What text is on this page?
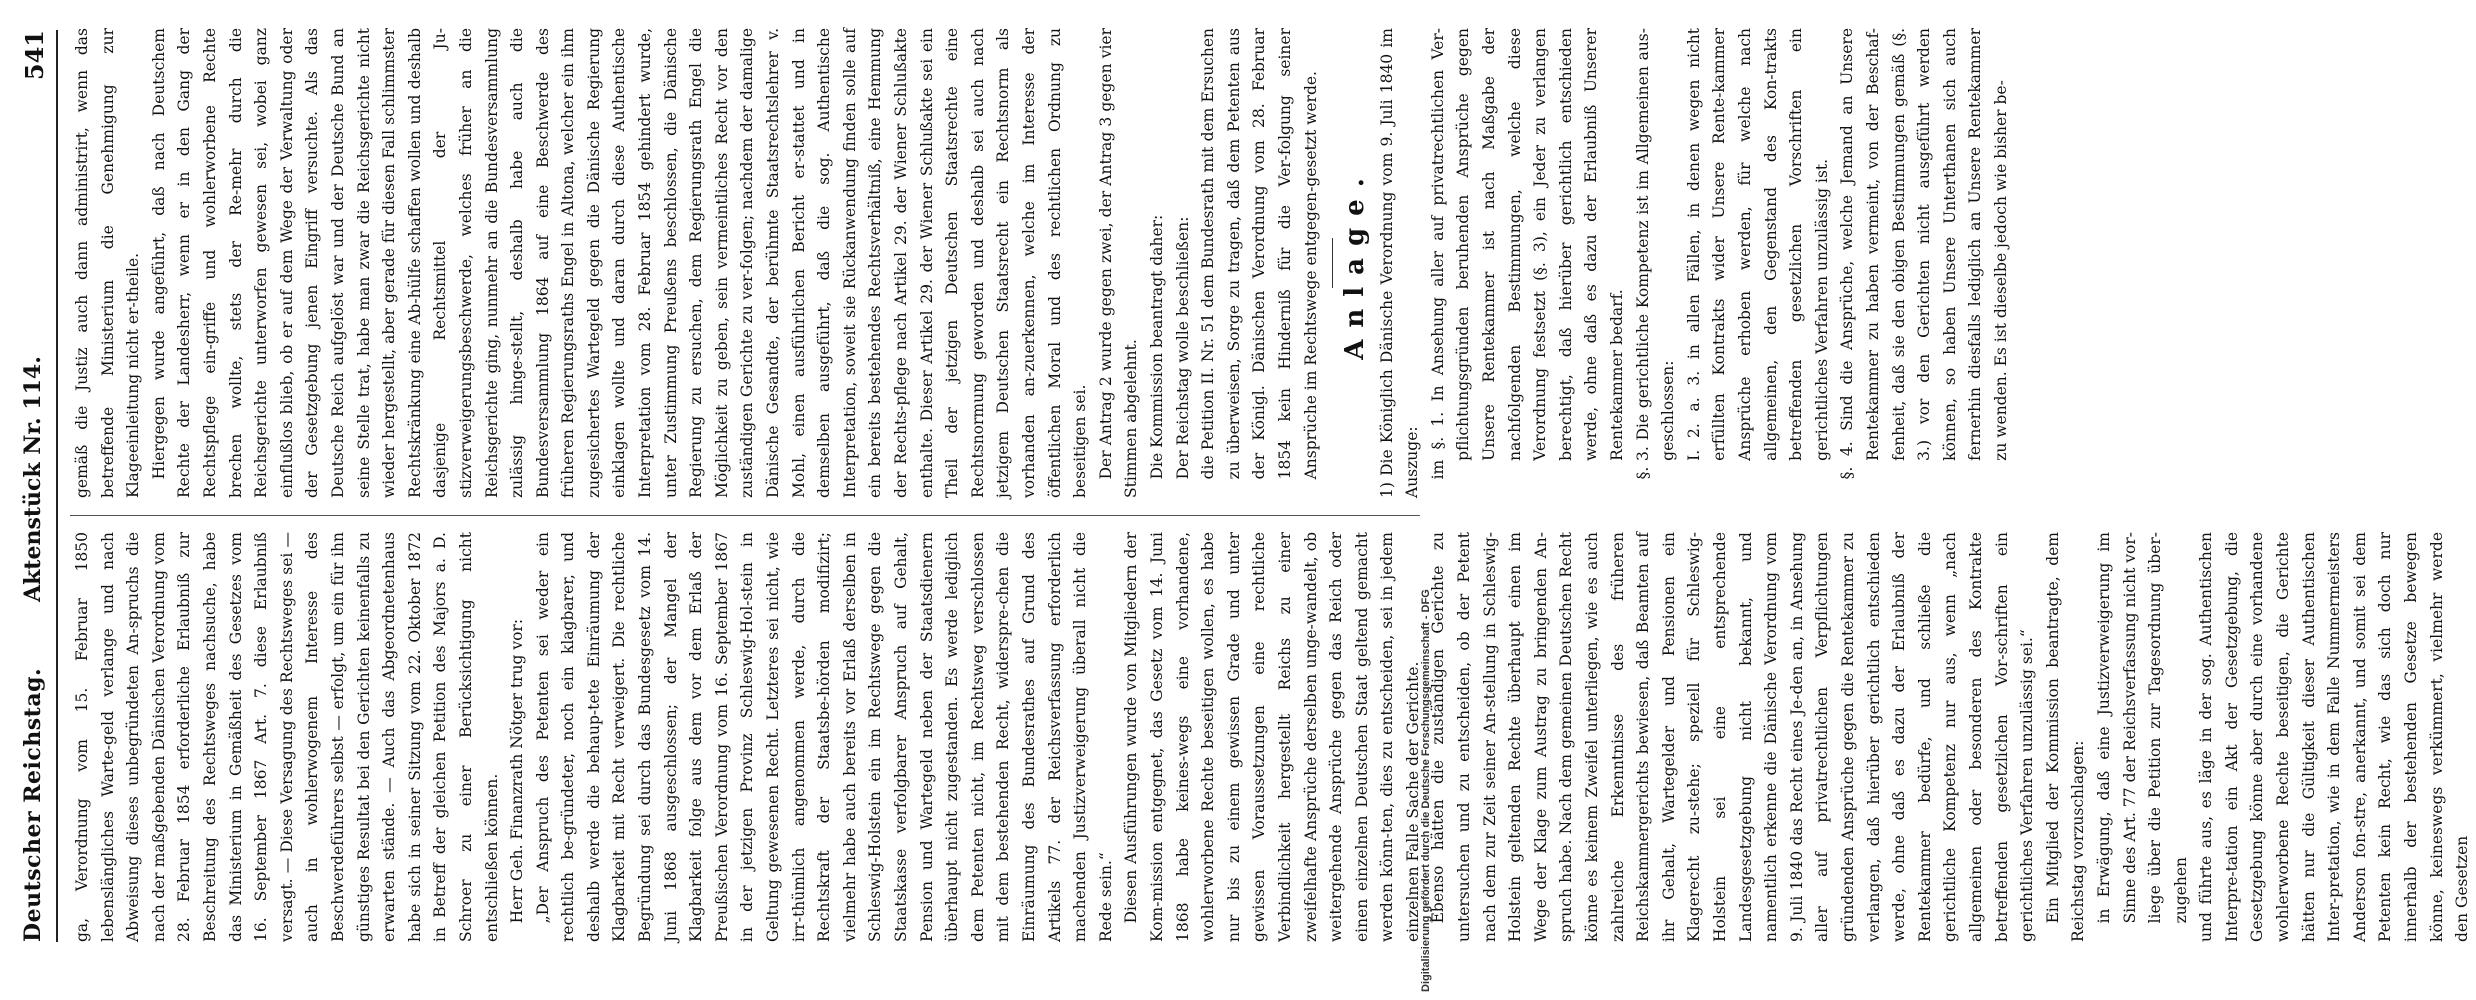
Deutscher Reichstag.
Aktenstück Nr. 114.
541

ga, Verordnung vom 15. Februar 1850 lebenslängliches Warte-geld verlange und nach Abweisung dieses unbegründeten An-spruchs die nach der maßgebenden Dänischen Verordnung vom 28. Februar 1854 erforderliche Erlaubniß zur Beschreitung des Rechtsweges nachsuche, habe das Ministerium in Gemäßheit des Gesetzes vom 16. September 1867 Art. 7. diese Erlaubniß versagt. — Diese Versagung des Rechtsweges sei — auch in wohlerwogenem Interesse des Beschwerdeführers selbst — erfolgt, um ein für ihn günstiges Resultat bei den Gerichten keinenfalls zu erwarten stände. — Auch das Abgeordnetenhaus habe sich in seiner Sitzung vom 22. Oktober 1872 in Betreff der gleichen Petition des Majors a. D. Schroer zu einer Berücksichtigung nicht entschließen können. Herr Geh. Finanzrath Nötger trug vor: „Der Anspruch des Petenten sei weder ein rechtlich be-gründeter, noch ein klagbarer, und deshalb werde die behaup-tete Einräumung der Klagbarkeit mit Recht verweigert. Die rechtliche Begründung sei durch das Bundesgesetz vom 14. Juni 1868 ausgeschlossen; der Mangel der Klagbarkeit folge aus dem vor dem Erlaß der Preußischen Verordnung vom 16. September 1867 in der jetzigen Provinz Schleswig-Hol-stein in Geltung gewesenen Recht. Letzteres sei nicht, wie irr-thümlich angenommen werde, durch die Rechtskraft der Staatsbe-hörden modifizirt; vielmehr habe auch bereits vor Erlaß derselben in Schleswig-Holstein ein im Rechtswege gegen die Staatskasse verfolgbarer Anspruch auf Gehalt, Pension und Wartegeld neben der Staatsdienern überhaupt nicht zugestanden. Es werde lediglich dem Petenten nicht, im Rechtsweg verschlossen mit dem bestehenden Recht, widerspre-chen die Einräumung des Bundesrathes auf Grund des Artikels 77. der Reichsverfassung erforderlich machenden Justizverweigerung überall nicht die Rede sein.“ Diesen Ausführungen wurde von Mitgliedern der Kom-mission entgegnet, das Gesetz vom 14. Juni 1868 habe keines-wegs eine vorhandene, wohlerworbene Rechte beseitigen wollen, es habe nur bis zu einem gewissen Grade und unter gewissen Voraussetzungen eine rechtliche Verbindlichkeit hergestellt Reichs zu einer zweifelhafte Ansprüche derselben unge-wandelt, ob weitergehende Ansprüche gegen das Reich oder einen einzelnen Deutschen Staat geltend gemacht werden könn-ten, dies zu entscheiden, sei in jedem einzelnen Falle Sache der Gerichte. Ebenso hätten die zuständigen Gerichte zu untersuchen und zu entscheiden, ob der Petent nach dem zur Zeit seiner An-stellung in Schleswig-Holstein geltenden Rechte überhaupt einen im Wege der Klage zum Austrag zu bringenden An-spruch habe. Nach dem gemeinen Deutschen Recht könne es keinem Zweifel unterliegen, wie es auch zahlreiche Erkenntnisse des früheren Reichskammergerichts bewiesen, daß Beamten auf ihr Gehalt, Wartegelder und Pensionen ein Klagerecht zu-stehe; speziell für Schleswig-Holstein sei eine entsprechende Landesgesetzgebung nicht bekannt, und namentlich erkenne die Dänische Verordnung vom 9. Juli 1840 das Recht eines Je-den an, in Ansehung aller auf privatrechtlichen Verpflichtungen gründenden Ansprüche gegen die Rentekammer zu verlangen, daß hierüber gerichtlich entschieden werde, ohne daß es dazu der Erlaubniß der Rentekammer bedürfe, und schließe die gerichtliche Kompetenz nur aus, wenn „nach allgemeinen oder besonderen des Kontrakte betreffenden gesetzlichen Vor-schriften ein gerichtliches Verfahren unzulässig sei.“ Ein Mitglied der Kommission beantragte, dem Reichstag vorzuschlagen: in Erwägung, daß eine Justizverweigerung im Sinne des Art. 77 der Reichsverfassung nicht vor-liege über die Petition zur Tagesordnung über-zugehen und führte aus, es läge in der sog. Authentischen Interpre-tation ein Akt der Gesetzgebung, die Gesetzgebung könne aber durch eine vorhandene wohlerworbene Rechte beseitigen, die Gerichte hätten nur die Gültigkeit dieser Authentischen Inter-pretation, wie in dem Falle Nummermeisters Anderson fon-stre, anerkannt, und somit sei dem Petenten kein Recht, wie das sich doch nur innerhalb der bestehenden Gesetze bewegen könne, keineswegs verkümmert, vielmehr werde den Gesetzen

gemäß die Justiz auch dann administrirt, wenn das betreffende Ministerium die Genehmigung zur Klageeinleitung nicht er-theile. Hiergegen wurde angeführt, daß nach Deutschem Rechte der Landesherr, wenn er in den Gang der Rechtspflege ein-griffe und wohlerworbene Rechte brechen wollte, stets der Re-mehr durch die Reichsgerichte unterworfen gewesen sei, wobei ganz einflußlos blieb, ob er auf dem Wege der Verwaltung oder der Gesetzgebung jenen Eingriff versuchte. Als das Deutsche Reich aufgelöst war und der Deutsche Bund an seine Stelle trat, habe man zwar die Reichsgerichte nicht wieder hergestellt, aber gerade für diesen Fall schlimmster Rechtskränkung eine Ab-hülfe schaffen wollen und deshalb dasjenige Rechtsmittel der Ju-stizverweigerungsbeschwerde, welches früher an die Reichsgerichte ging, nunmehr an die Bundesversammlung zulässig hinge-stellt, deshalb habe auch die Bundesversammlung 1864 auf eine Beschwerde des früheren Regierungsraths Engel in Altona, welcher ein ihm zugesichertes Wartegeld gegen die Dänische Regierung einklagen wollte und daran durch diese Authentische Interpretation vom 28. Februar 1854 gehindert wurde, unter Zustimmung Preußens beschlossen, die Dänische Regierung zu ersuchen, dem Regierungsrath Engel die Möglichkeit zu geben, sein vermeintliches Recht vor den zuständigen Gerichte zu ver-folgen; nachdem der damalige Dänische Gesandte, der berühmte Staatsrechtslehrer v. Mohl, einen ausführlichen Bericht er-stattet und in demselben ausgeführt, daß die sog. Authentische Interpretation, soweit sie Rückanwendung finden solle auf ein bereits bestehendes Rechtsverhältniß, eine Hemmung der Rechts-pflege nach Artikel 29. der Wiener Schlußakte enthalte. Dieser Artikel 29. der Wiener Schlußakte sei ein Theil der jetzigen Deutschen Staatsrechte eine Rechtsnormung geworden und deshalb sei auch nach jetzigem Deutschen Staatsrecht ein Rechtsnorm als vorhanden an-zuerkennen, welche im Interesse der öffentlichen Moral und des rechtlichen Ordnung zu beseitigen sei. Der Antrag 2 wurde gegen zwei, der Antrag 3 gegen vier Stimmen abgelehnt. Die Kommission beantragt daher: Der Reichstag wolle beschließen: die Petition II. Nr. 51 dem Bundesrath mit dem Ersuchen zu überweisen, Sorge zu tragen, daß dem Petenten aus der Königl. Dänischen Verordnung vom 28. Februar 1854 kein Hinderniß für die Ver-folgung seiner Ansprüche im Rechtswege entgegen-gesetzt werde. Anlage. 1) Die Königlich Dänische Verordnung vom 9. Juli 1840 im Auszuge: im §. 1. In Ansehung aller auf privatrechtlichen Ver-pflichtungsgründen beruhenden Ansprüche gegen Unsere Rentekammer ist nach Maßgabe der nachfolgenden Bestimmungen, welche diese Verordnung festsetzt (§. 3), ein Jeder zu verlangen berechtigt, daß hierüber gerichtlich entschieden werde, ohne daß es dazu der Erlaubniß Unserer Rentekammer bedarf. §. 3. Die gerichtliche Kompetenz ist im Allgemeinen aus-geschlossen: I. 2. a. 3. in allen Fällen, in denen wegen nicht erfüllten Kontrakts wider Unsere Rente-kammer Ansprüche erhoben werden, für welche nach allgemeinen, den Gegenstand des Kon-trakts betreffenden gesetzlichen Vorschriften ein gerichtliches Verfahren unzulässig ist. §. 4. Sind die Ansprüche, welche Jemand an Unsere Rentekammer zu haben vermeint, von der Beschaf-fenheit, daß sie den obigen Bestimmungen gemäß (§. 3.) vor den Gerichten nicht ausgeführt werden können, so haben Unsere Unterthanen sich auch fernerhin diesfalls lediglich an Unsere Rentekammer zu wenden. Es ist dieselbe jedoch wie bisher be-

Digitalisierung gefördert durch die Deutsche Forschungsgemeinschaft - DFG
